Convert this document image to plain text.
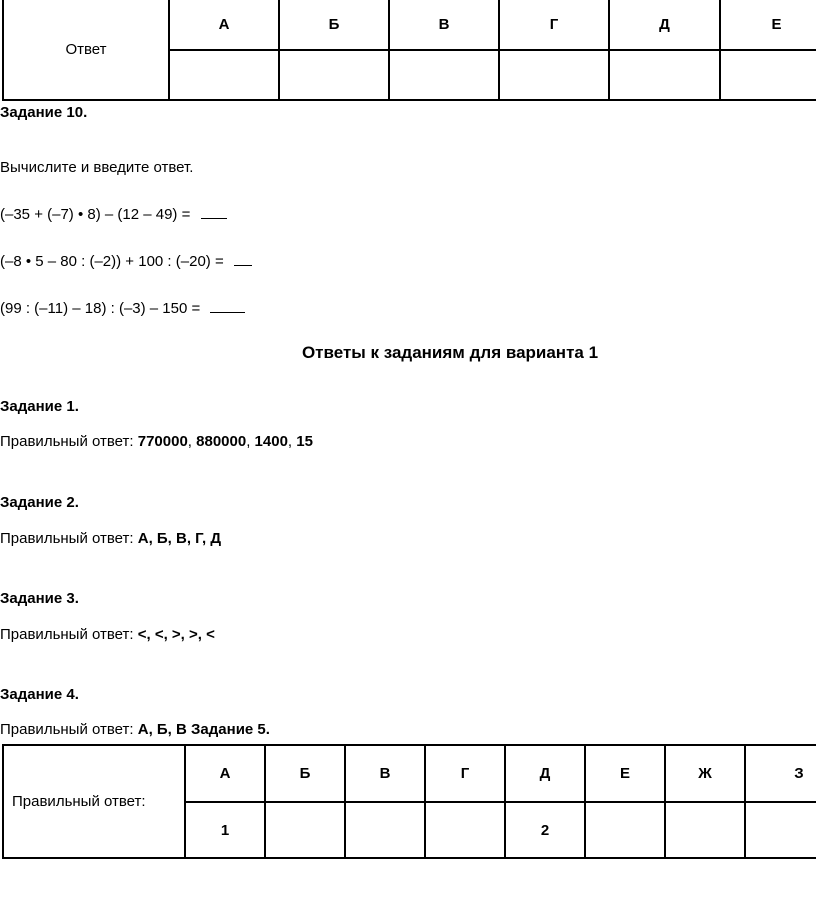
Ответ	А	Б	В	Г	Д	Е

Задание 10.
Вычислите и введите ответ.
(–35 + (–7) • 8) – (12 – 49) =
(–8 • 5 – 80 : (–2)) + 100 : (–20) =
(99 : (–11) – 18) : (–3) – 150 =
Ответы к заданиям для варианта 1
Задание 1.
Правильный ответ: 770000, 880000, 1400, 15
Задание 2.
Правильный ответ: А, Б, В, Г, Д
Задание 3.
Правильный ответ: <, <, >, >, <
Задание 4.
Правильный ответ: А, Б, В Задание 5.
Правильный ответ:	А	Б	В	Г	Д	Е	Ж	З
	1				2			
